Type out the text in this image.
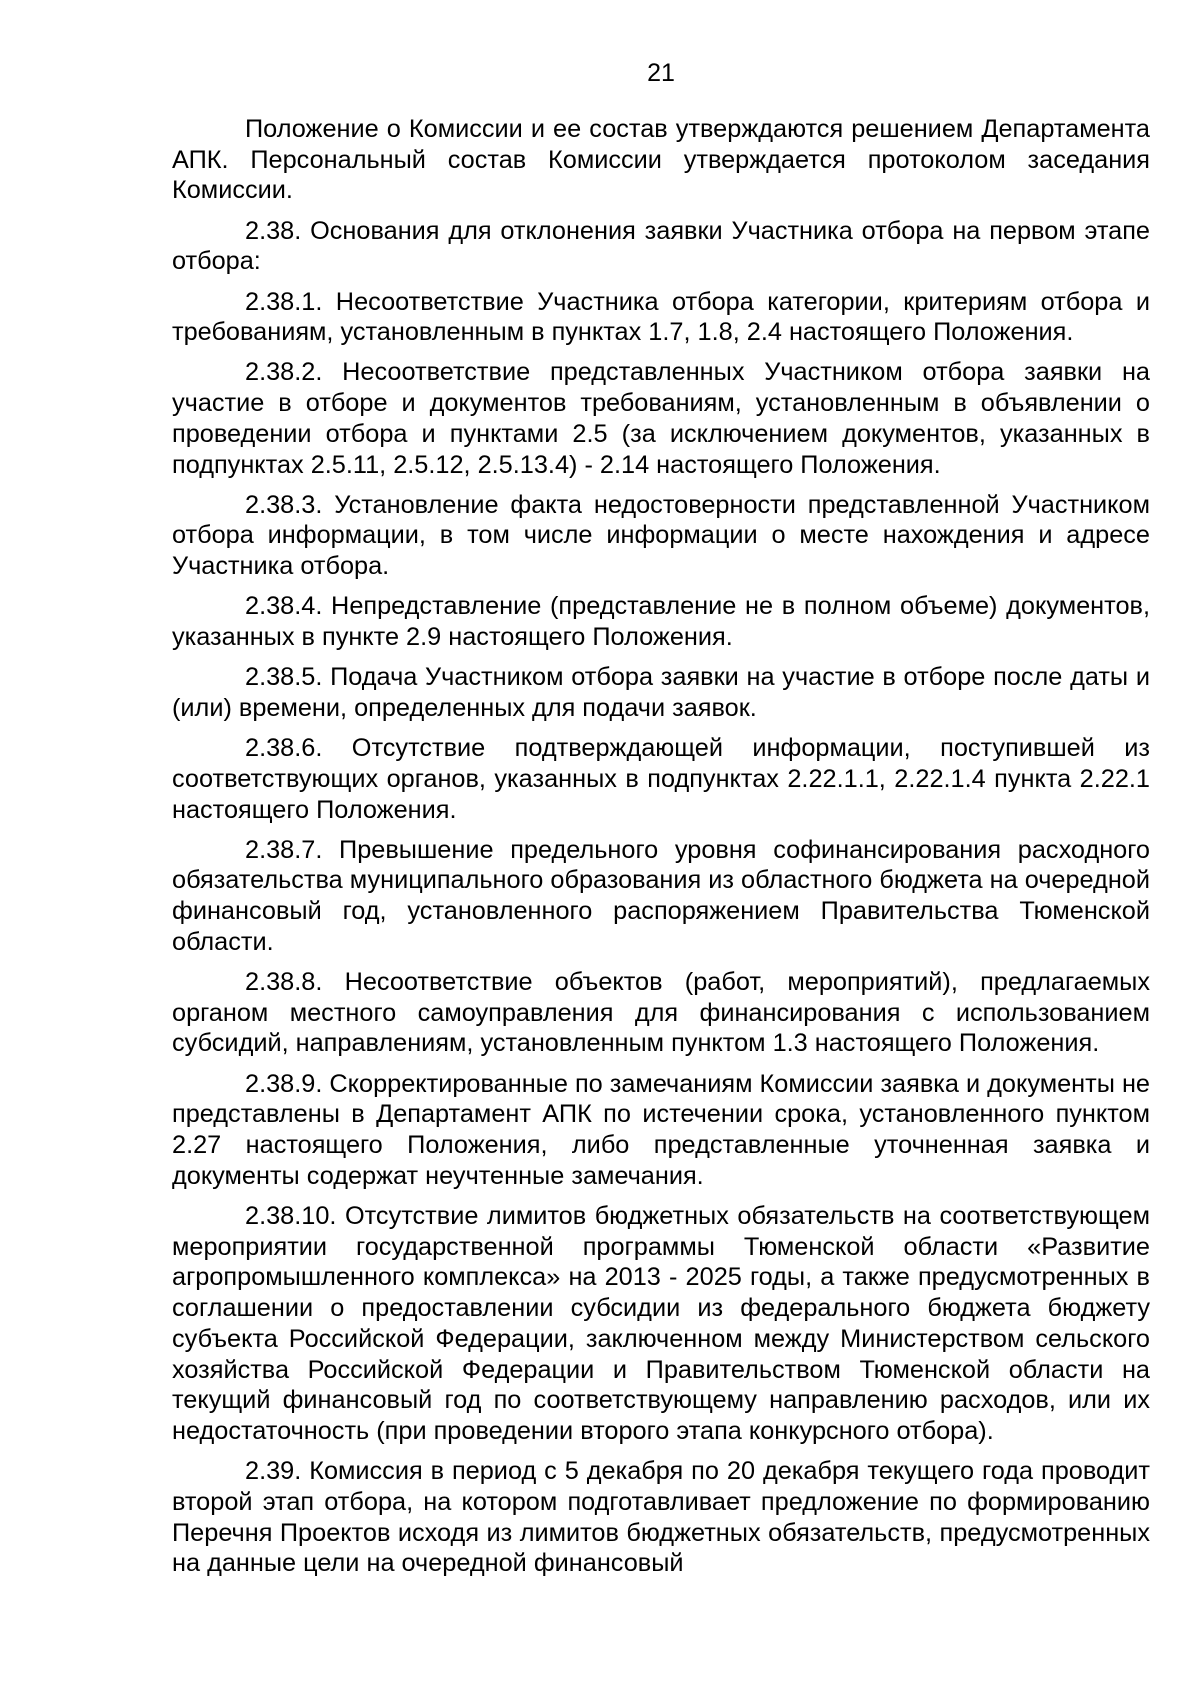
21

Положение о Комиссии и ее состав утверждаются решением Департамента АПК. Персональный состав Комиссии утверждается протоколом заседания Комиссии.

2.38. Основания для отклонения заявки Участника отбора на первом этапе отбора:

2.38.1. Несоответствие Участника отбора категории, критериям отбора и требованиям, установленным в пунктах 1.7, 1.8, 2.4 настоящего Положения.

2.38.2. Несоответствие представленных Участником отбора заявки на участие в отборе и документов требованиям, установленным в объявлении о проведении отбора и пунктами 2.5 (за исключением документов, указанных в подпунктах 2.5.11, 2.5.12, 2.5.13.4) - 2.14 настоящего Положения.

2.38.3. Установление факта недостоверности представленной Участником отбора информации, в том числе информации о месте нахождения и адресе Участника отбора.

2.38.4. Непредставление (представление не в полном объеме) документов, указанных в пункте 2.9 настоящего Положения.

2.38.5. Подача Участником отбора заявки на участие в отборе после даты и (или) времени, определенных для подачи заявок.

2.38.6. Отсутствие подтверждающей информации, поступившей из соответствующих органов, указанных в подпунктах 2.22.1.1, 2.22.1.4 пункта 2.22.1 настоящего Положения.

2.38.7. Превышение предельного уровня софинансирования расходного обязательства муниципального образования из областного бюджета на очередной финансовый год, установленного распоряжением Правительства Тюменской области.

2.38.8. Несоответствие объектов (работ, мероприятий), предлагаемых органом местного самоуправления для финансирования с использованием субсидий, направлениям, установленным пунктом 1.3 настоящего Положения.

2.38.9. Скорректированные по замечаниям Комиссии заявка и документы не представлены в Департамент АПК по истечении срока, установленного пунктом 2.27 настоящего Положения, либо представленные уточненная заявка и документы содержат неучтенные замечания.

2.38.10. Отсутствие лимитов бюджетных обязательств на соответствующем мероприятии государственной программы Тюменской области «Развитие агропромышленного комплекса» на 2013 - 2025 годы, а также предусмотренных в соглашении о предоставлении субсидии из федерального бюджета бюджету субъекта Российской Федерации, заключенном между Министерством сельского хозяйства Российской Федерации и Правительством Тюменской области на текущий финансовый год по соответствующему направлению расходов, или их недостаточность (при проведении второго этапа конкурсного отбора).

2.39. Комиссия в период с 5 декабря по 20 декабря текущего года проводит второй этап отбора, на котором подготавливает предложение по формированию Перечня Проектов исходя из лимитов бюджетных обязательств, предусмотренных на данные цели на очередной финансовый
